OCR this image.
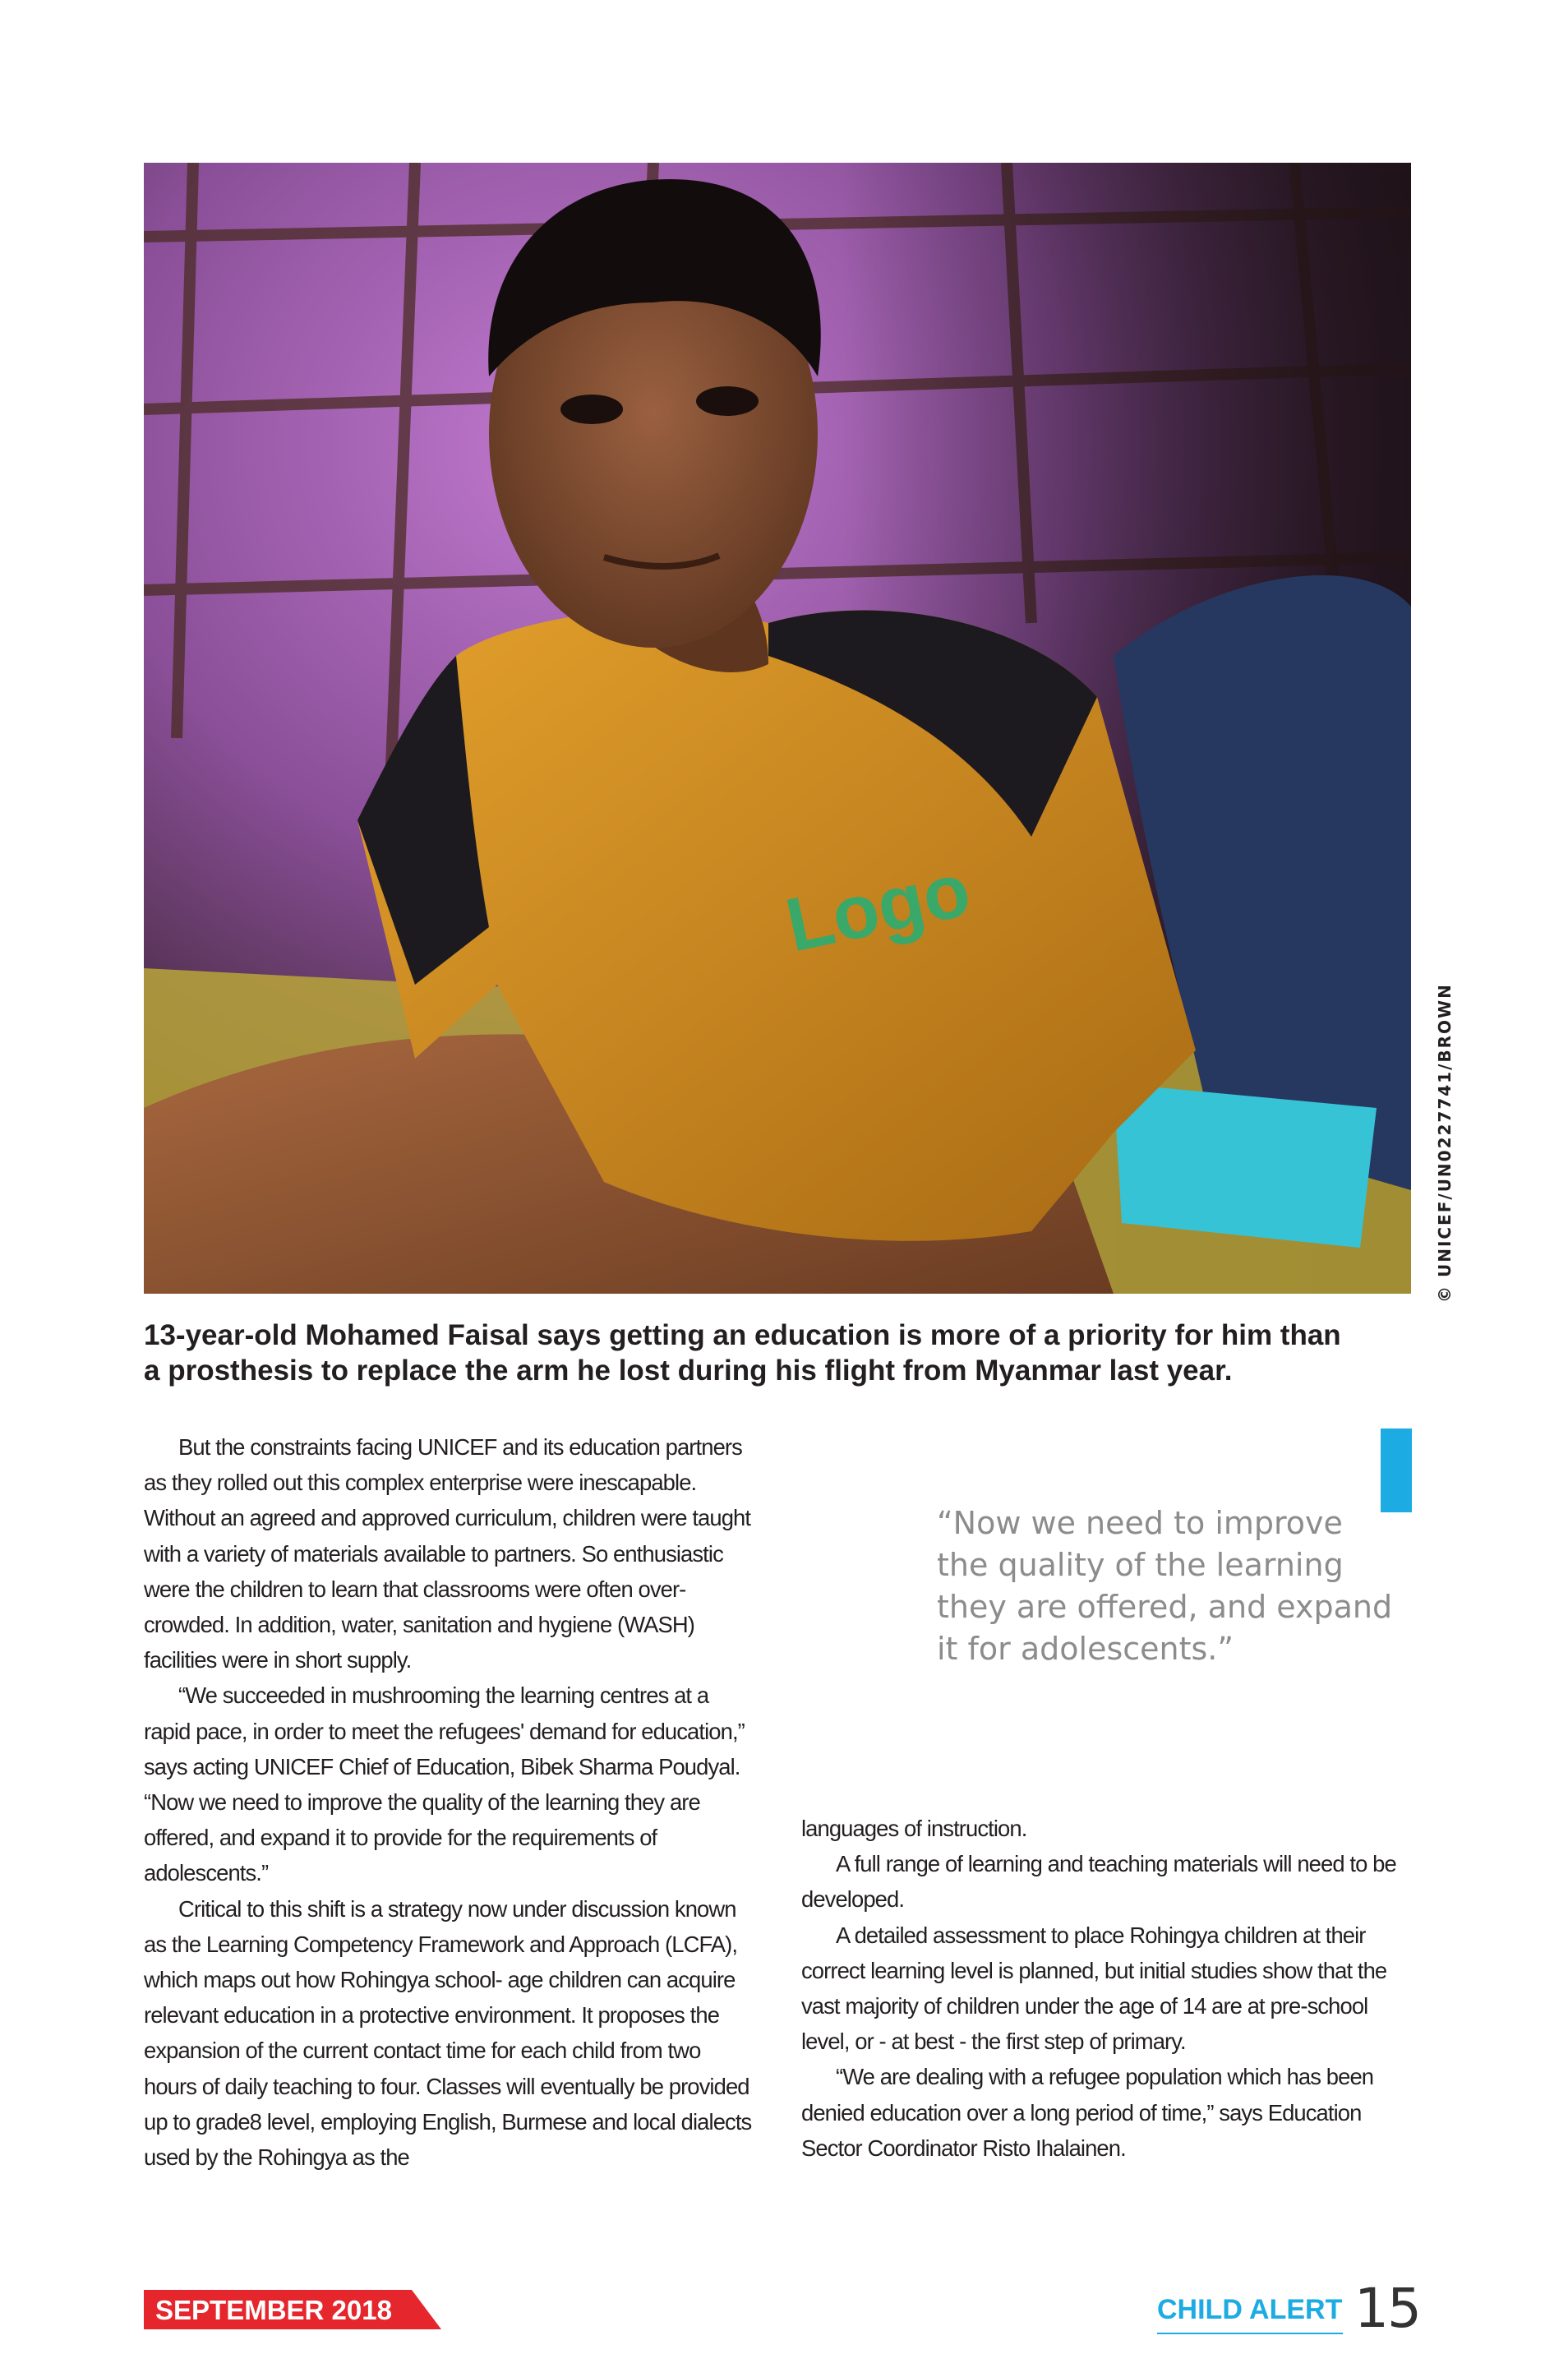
Logo
© UNICEF/UN0227741/BROWN
13-year-old Mohamed Faisal says getting an education is more of a priority for him than a prosthesis to replace the arm he lost during his flight from Myanmar last year.

But the constraints facing UNICEF and its education partners as they rolled out this complex enterprise were inescapable. Without an agreed and approved curriculum, children were taught with a variety of materials available to partners. So enthusiastic were the children to learn that classrooms were often over-crowded. In addition, water, sanitation and hygiene (WASH) facilities were in short supply.

“We succeeded in mushrooming the learning centres at a rapid pace, in order to meet the refugees' demand for education,” says acting UNICEF Chief of Education, Bibek Sharma Poudyal. “Now we need to improve the quality of the learning they are offered, and expand it to provide for the requirements of adolescents.”

Critical to this shift is a strategy now under discussion known as the Learning Competency Framework and Approach (LCFA), which maps out how Rohingya school- age children can acquire relevant education in a protective environment. It proposes the expansion of the current contact time for each child from two hours of daily teaching to four. Classes will eventually be provided up to grade8 level, employing English, Burmese and local dialects used by the Rohingya as the

“Now we need to improve the quality of the learning they are offered, and expand it for adolescents.”

languages of instruction.

A full range of learning and teaching materials will need to be developed.

A detailed assessment to place Rohingya children at their correct learning level is planned, but initial studies show that the vast majority of children under the age of 14 are at pre-school level, or - at best - the first step of primary.

“We are dealing with a refugee population which has been denied education over a long period of time,” says Education Sector Coordinator Risto Ihalainen.

SEPTEMBER 2018	CHILD ALERT 15
